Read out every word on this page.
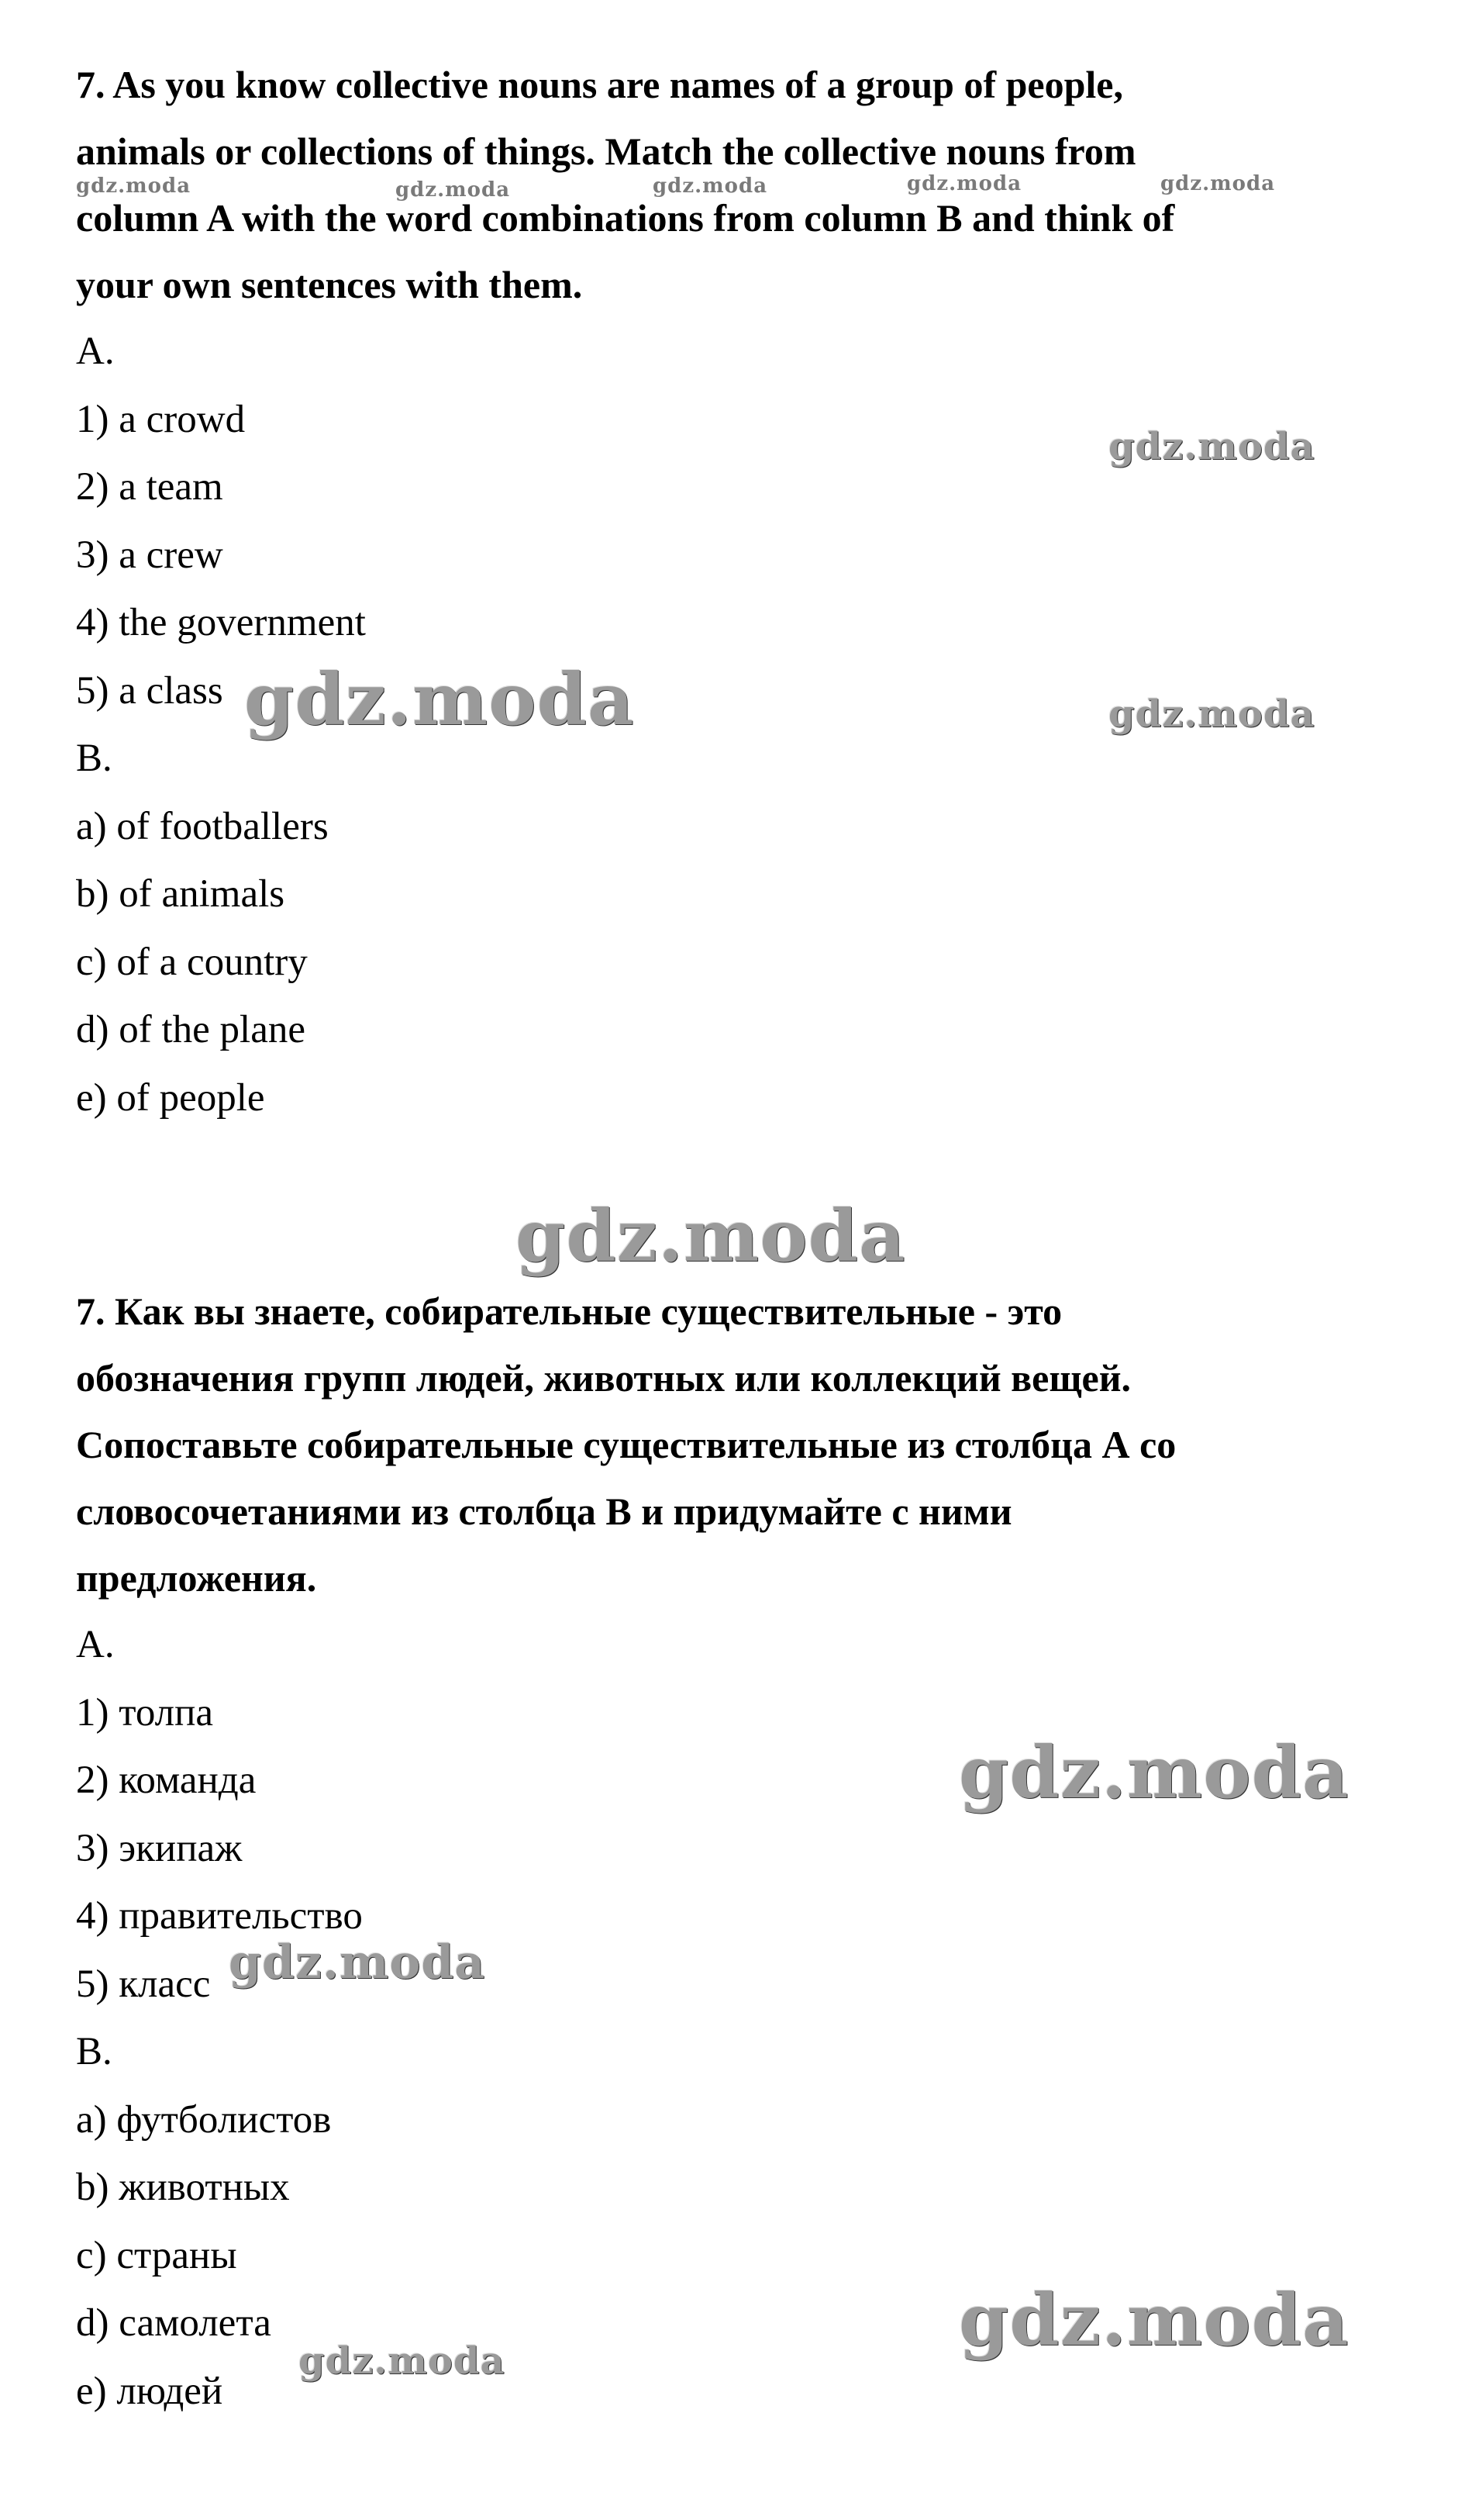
7. As you know collective nouns are names of a group of people,

animals or collections of things. Match the collective nouns from

column A with the word combinations from column B and think of

your own sentences with them.

A.

1) a crowd

2) a team

3) a crew

4) the government

5) a class

B.

a) of footballers

b) of animals

c) of a country

d) of the plane

e) of people

7. Как вы знаете, собирательные существительные - это

обозначения групп людей, животных или коллекций вещей.

Сопоставьте собирательные существительные из столбца А со

словосочетаниями из столбца B и придумайте с ними

предложения.

А.

1) толпа

2) команда

3) экипаж

4) правительство

5) класс

B.

a) футболистов

b) животных

c) страны

d) самолета

e) людей

gdz.moda	gdz.moda	gdz.moda	gdz.moda	gdz.moda
gdz.moda
gdz.moda	gdz.moda
gdz.moda
gdz.moda
gdz.moda
gdz.moda
gdz.moda
